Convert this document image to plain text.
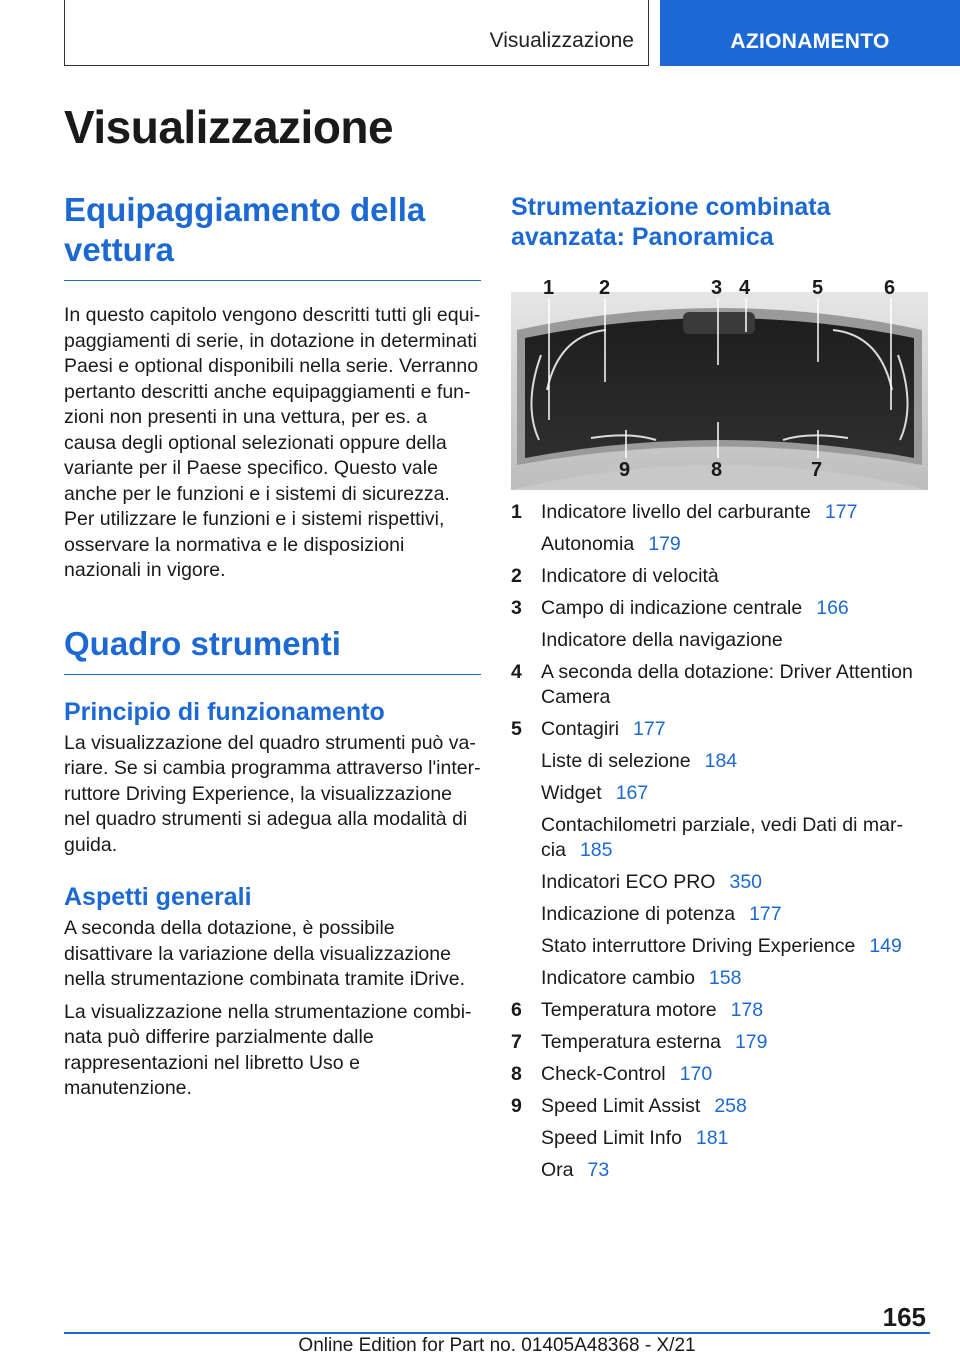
Visualizzazione	AZIONAMENTO
Visualizzazione
Equipaggiamento della vettura

In questo capitolo vengono descritti tutti gli equipaggiamenti di serie, in dotazione in determinati Paesi e optional disponibili nella serie. Verranno pertanto descritti anche equipaggiamenti e funzioni non presenti in una vettura, per es. a causa degli optional selezionati oppure della variante per il Paese specifico. Questo vale anche per le funzioni e i sistemi di sicurezza. Per utilizzare le funzioni e i sistemi rispettivi, osservare la normativa e le disposizioni nazionali in vigore.

Quadro strumenti
Principio di funzionamento

La visualizzazione del quadro strumenti può variare. Se si cambia programma attraverso l'interruttore Driving Experience, la visualizzazione nel quadro strumenti si adegua alla modalità di guida.

Aspetti generali

A seconda della dotazione, è possibile disattivare la variazione della visualizzazione nella strumentazione combinata tramite iDrive.

La visualizzazione nella strumentazione combinata può differire parzialmente dalle rappresentazioni nel libretto Uso e manutenzione.

Strumentazione combinata avanzata: Panoramica
1 2	3 4	5	6
7
8
9
1 Indicatore livello del carburante 177
Autonomia 179
2 Indicatore di velocità
3 Campo di indicazione centrale 166
Indicatore della navigazione
4 A seconda della dotazione: Driver Attention Camera
5 Contagiri 177
Liste di selezione 184
Widget 167
Contachilometri parziale, vedi Dati di marcia 185
Indicatori ECO PRO 350
Indicazione di potenza 177
Stato interruttore Driving Experience 149
Indicatore cambio 158
6 Temperatura motore 178
7 Temperatura esterna 179
8 Check-Control 170
9 Speed Limit Assist 258
Speed Limit Info 181
Ora 73
165
Online Edition for Part no. 01405A48368 - X/21
